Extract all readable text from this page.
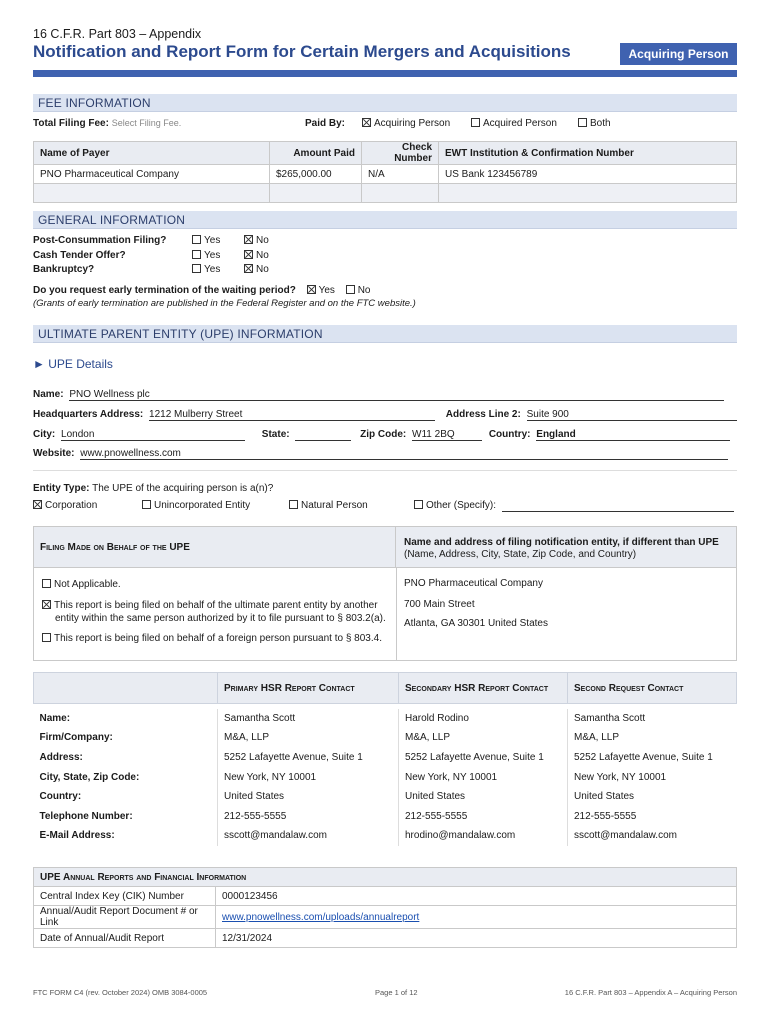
16 C.F.R. Part 803 – Appendix
Notification and Report Form for Certain Mergers and Acquisitions	Acquiring Person
FEE INFORMATION
Total Filing Fee: Select Filing Fee.	Paid By:	Acquiring Person	Acquired Person	Both
Name of Payer	Amount Paid	Check Number	EWT Institution & Confirmation Number
PNO Pharmaceutical Company	$265,000.00	N/A	US Bank 123456789

GENERAL INFORMATION
Post-Consummation Filing?	Yes	No
Cash Tender Offer?	Yes	No
Bankruptcy?	Yes	No
Do you request early termination of the waiting period? Yes No
(Grants of early termination are published in the Federal Register and on the FTC website.)
ULTIMATE PARENT ENTITY (UPE) INFORMATION
► UPE Details
Name: PNO Wellness plc
Headquarters Address: 1212 Mulberry Street	Address Line 2: Suite 900
City: London	State:	Zip Code: W11 2BQ	Country: England
Website: www.pnowellness.com
Entity Type: The UPE of the acquiring person is a(n)?
Corporation	Unincorporated Entity	Natural Person	Other (Specify):
Filing Made on Behalf of the UPE	Name and address of filing notification entity, if different than UPE
(Name, Address, City, State, Zip Code, and Country)
Not Applicable.
This report is being filed on behalf of the ultimate parent entity by another entity within the same person authorized by it to file pursuant to § 803.2(a).
This report is being filed on behalf of a foreign person pursuant to § 803.4.
PNO Pharmaceutical Company
700 Main Street
Atlanta, GA 30301 United States
	Primary HSR Report Contact	Secondary HSR Report Contact	Second Request Contact

Name:	Samantha Scott	Harold Rodino	Samantha Scott
Firm/Company:	M&A, LLP	M&A, LLP	M&A, LLP
Address:	5252 Lafayette Avenue, Suite 1	5252 Lafayette Avenue, Suite 1	5252 Lafayette Avenue, Suite 1
City, State, Zip Code:	New York, NY 10001	New York, NY 10001	New York, NY 10001
Country:	United States	United States	United States
Telephone Number:	212-555-5555	212-555-5555	212-555-5555
E-Mail Address:	sscott@mandalaw.com	hrodino@mandalaw.com	sscott@mandalaw.com
UPE Annual Reports and Financial Information	
Central Index Key (CIK) Number	0000123456
Annual/Audit Report Document # or Link	www.pnowellness.com/uploads/annualreport
Date of Annual/Audit Report	12/31/2024
FTC FORM C4 (rev. October 2024) OMB 3084-0005	Page 1 of 12	16 C.F.R. Part 803 – Appendix A – Acquiring Person
